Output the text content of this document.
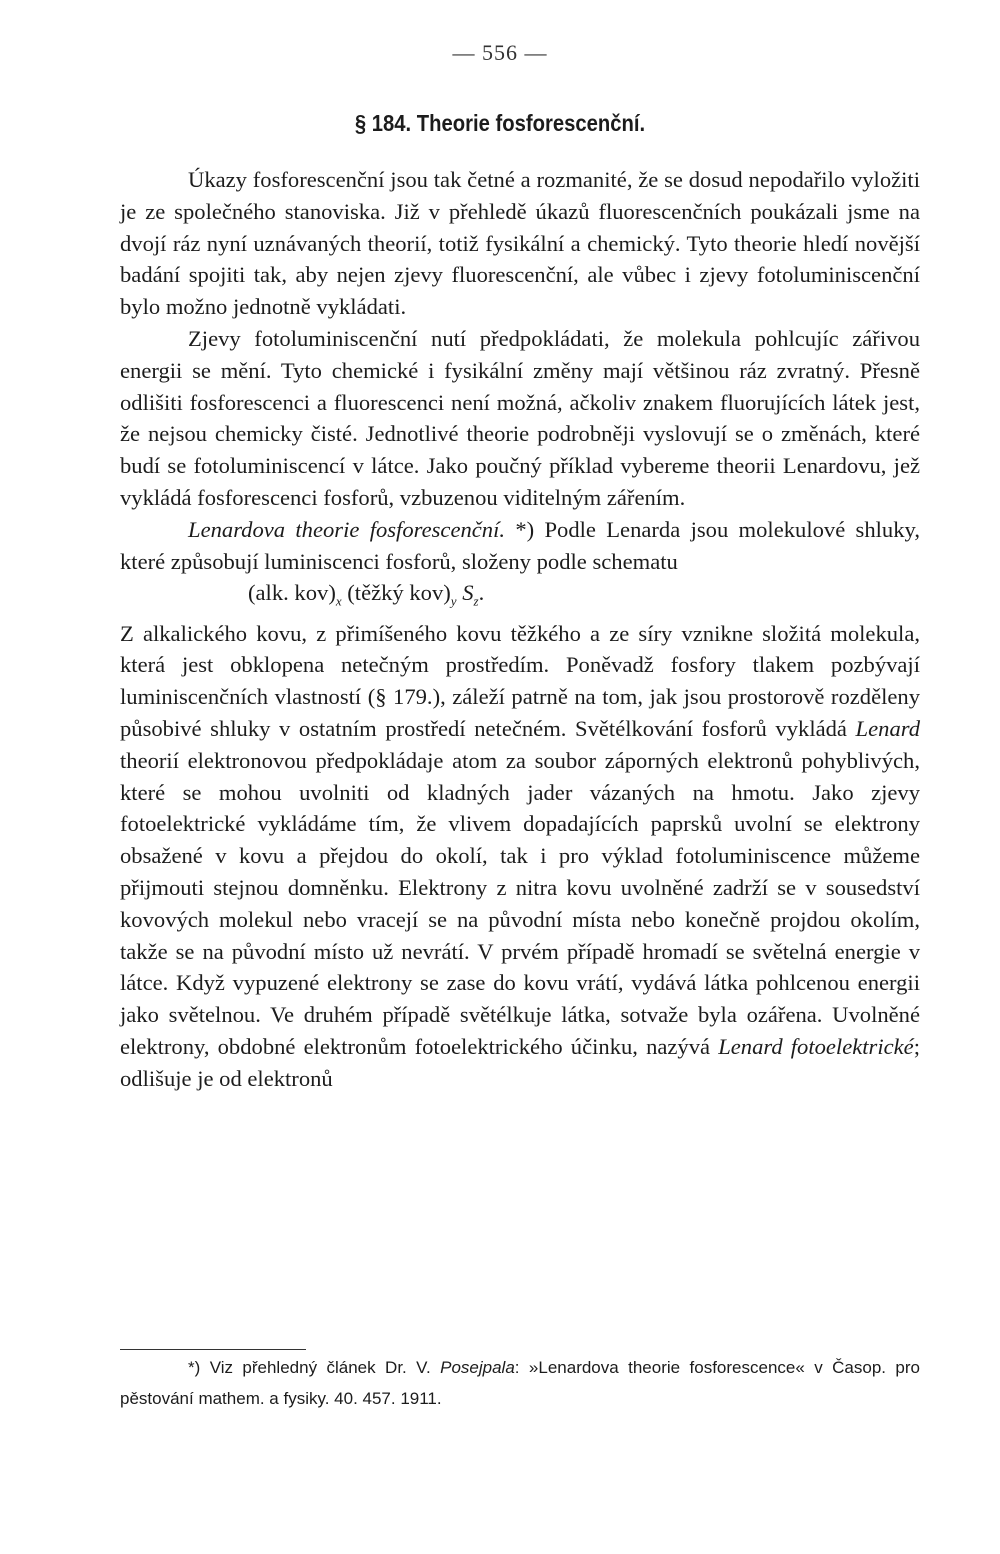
— 556 —
§ 184. Theorie fosforescenční.

Úkazy fosforescenční jsou tak četné a rozmanité, že se dosud nepodařilo vyložiti je ze společného stanoviska. Již v přehledě úkazů fluorescenčních poukázali jsme na dvojí ráz nyní uznávaných theorií, totiž fysikální a chemický. Tyto theorie hledí novější badání spojiti tak, aby nejen zjevy fluorescenční, ale vůbec i zjevy fotoluminiscenční bylo možno jednotně vykládati.

Zjevy fotoluminiscenční nutí předpokládati, že molekula pohlcujíc zářivou energii se mění. Tyto chemické i fysikální změny mají většinou ráz zvratný. Přesně odlišiti fosforescenci a fluorescenci není možná, ačkoliv znakem fluorujících látek jest, že nejsou chemicky čisté. Jednotlivé theorie podrobněji vyslovují se o změnách, které budí se fotoluminiscencí v látce. Jako poučný příklad vybereme theorii Lenardovu, jež vykládá fosforescenci fosforů, vzbuzenou viditelným zářením.

Lenardova theorie fosforescenční. *) Podle Lenarda jsou molekulové shluky, které způsobují luminiscenci fosforů, složeny podle schematu

(alk. $kov)_x$ (těžký $kov)_y$ $S_z$.

Z alkalického kovu, z přimíšeného kovu těžkého a ze síry vznikne složitá molekula, která jest obklopena netečným prostředím. Poněvadž fosfory tlakem pozbývají luminiscenčních vlastností (§ 179.), záleží patrně na tom, jak jsou prostorově rozděleny působivé shluky v ostatním prostředí netečném. Světélkování fosforů vykládá Lenard theorií elektronovou předpokládaje atom za soubor záporných elektronů pohyblivých, které se mohou uvolniti od kladných jader vázaných na hmotu. Jako zjevy fotoelektrické vykládáme tím, že vlivem dopadajících paprsků uvolní se elektrony obsažené v kovu a přejdou do okolí, tak i pro výklad fotoluminiscence můžeme přijmouti stejnou domněnku. Elektrony z nitra kovu uvolněné zadrží se v sousedství kovových molekul nebo vracejí se na původní místa nebo konečně projdou okolím, takže se na původní místo už nevrátí. V prvém případě hromadí se světelná energie v látce. Když vypuzené elektrony se zase do kovu vrátí, vydává látka pohlcenou energii jako světelnou. Ve druhém případě světélkuje látka, sotvaže byla ozářena. Uvolněné elektrony, obdobné elektronům fotoelektrického účinku, nazývá Lenard fotoelektrické; odlišuje je od elektronů

*) Viz přehledný článek Dr. V. Posejpala: »Lenardova theorie fosforescence« v Časop. pro pěstování mathem. a fysiky. 40. 457. 1911.
